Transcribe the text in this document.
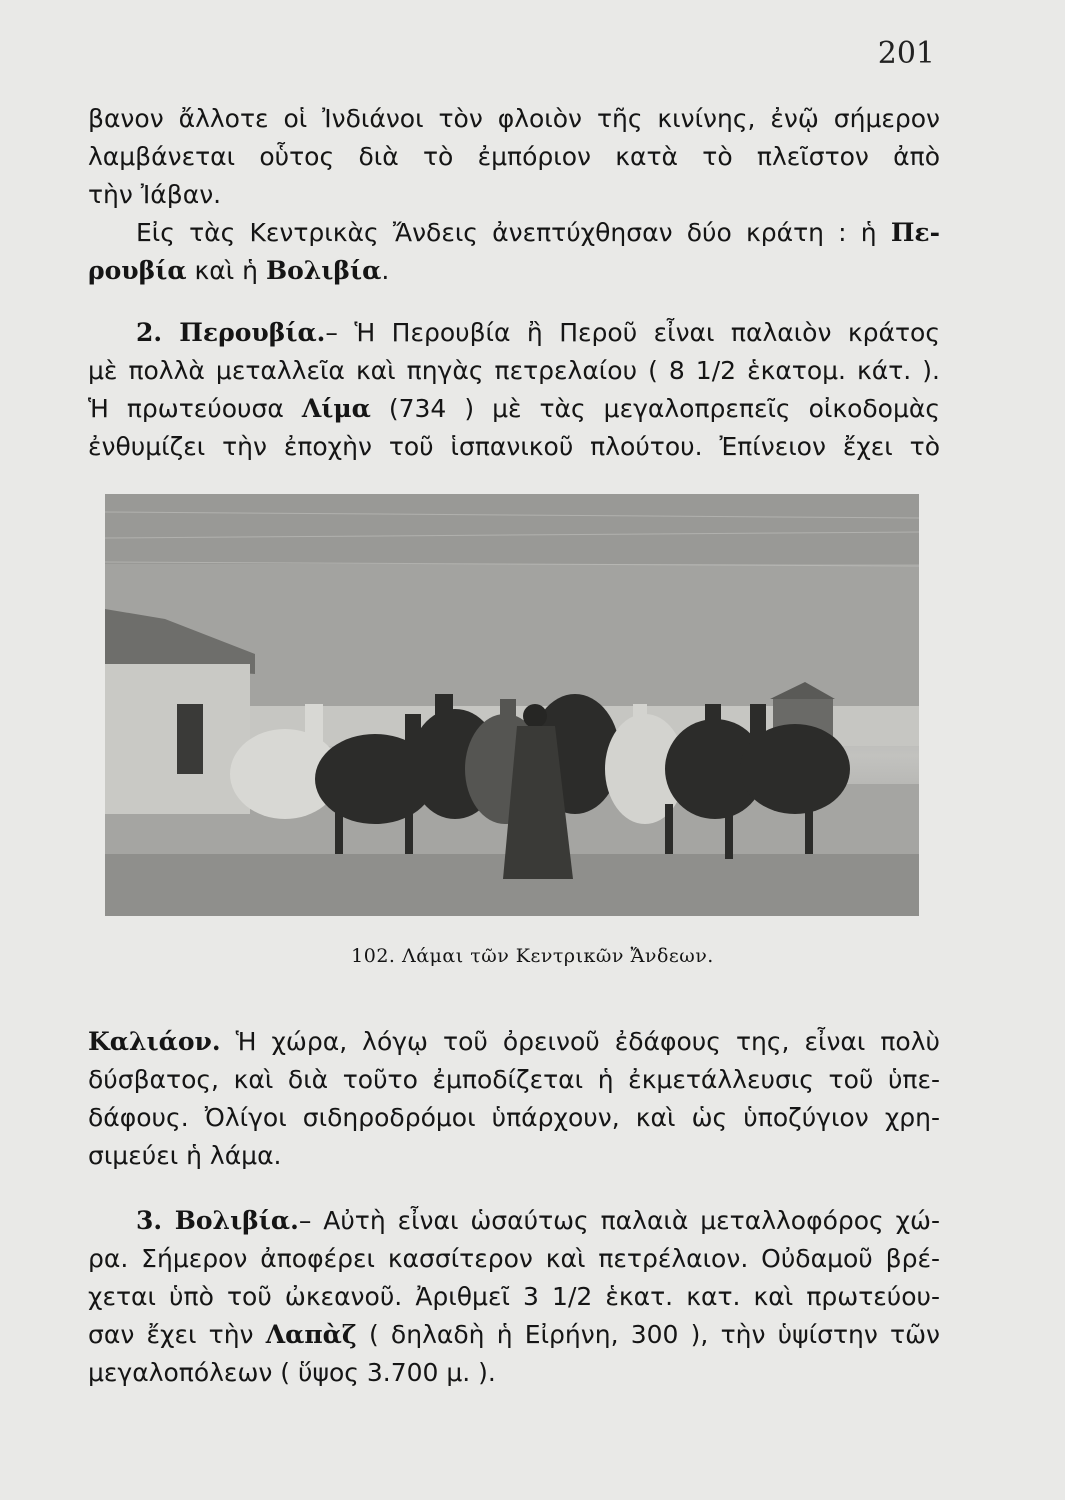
201
βανον ἄλλοτε οἱ Ἰνδιάνοι τὸν φλοιὸν τῆς κινίνης, ἐνῷ σήμερον
λαμβάνεται οὗτος διὰ τὸ ἐμπόριον κατὰ τὸ πλεῖστον ἀπὸ
τὴν Ἰάβαν.
Εἰς τὰς Κεντρικὰς Ἄνδεις ἀνεπτύχθησαν δύο κράτη : ἡ Πε-
ρουβία καὶ ἡ Βολιβία.
2. Περουβία.– Ἡ Περουβία ἢ Περοῦ εἶναι παλαιὸν κράτος
μὲ πολλὰ μεταλλεῖα καὶ πηγὰς πετρελαίου ( 8 1/2 ἑκατομ. κάτ. ).
Ἡ πρωτεύουσα Λίμα (734 ) μὲ τὰς μεγαλοπρεπεῖς οἰκοδομὰς
ἐνθυμίζει τὴν ἐποχὴν τοῦ ἱσπανικοῦ πλούτου. Ἐπίνειον ἔχει τὸ
102. Λάμαι τῶν Κεντρικῶν Ἄνδεων.
Καλιάον. Ἡ χώρα, λόγῳ τοῦ ὀρεινοῦ ἐδάφους της, εἶναι πολὺ
δύσβατος, καὶ διὰ τοῦτο ἐμποδίζεται ἡ ἐκμετάλλευσις τοῦ ὑπε-
δάφους. Ὀλίγοι σιδηροδρόμοι ὑπάρχουν, καὶ ὡς ὑποζύγιον χρη-
σιμεύει ἡ λάμα.
3. Βολιβία.– Αὐτὴ εἶναι ὡσαύτως παλαιὰ μεταλλοφόρος χώ-
ρα. Σήμερον ἀποφέρει κασσίτερον καὶ πετρέλαιον. Οὐδαμοῦ βρέ-
χεται ὑπὸ τοῦ ὠκεανοῦ. Ἀριθμεῖ 3 1/2 ἑκατ. κατ. καὶ πρωτεύου-
σαν ἔχει τὴν Λαπὰζ ( δηλαδὴ ἡ Εἰρήνη, 300 ), τὴν ὑψίστην τῶν
μεγαλοπόλεων ( ὕψος 3.700 μ. ).
